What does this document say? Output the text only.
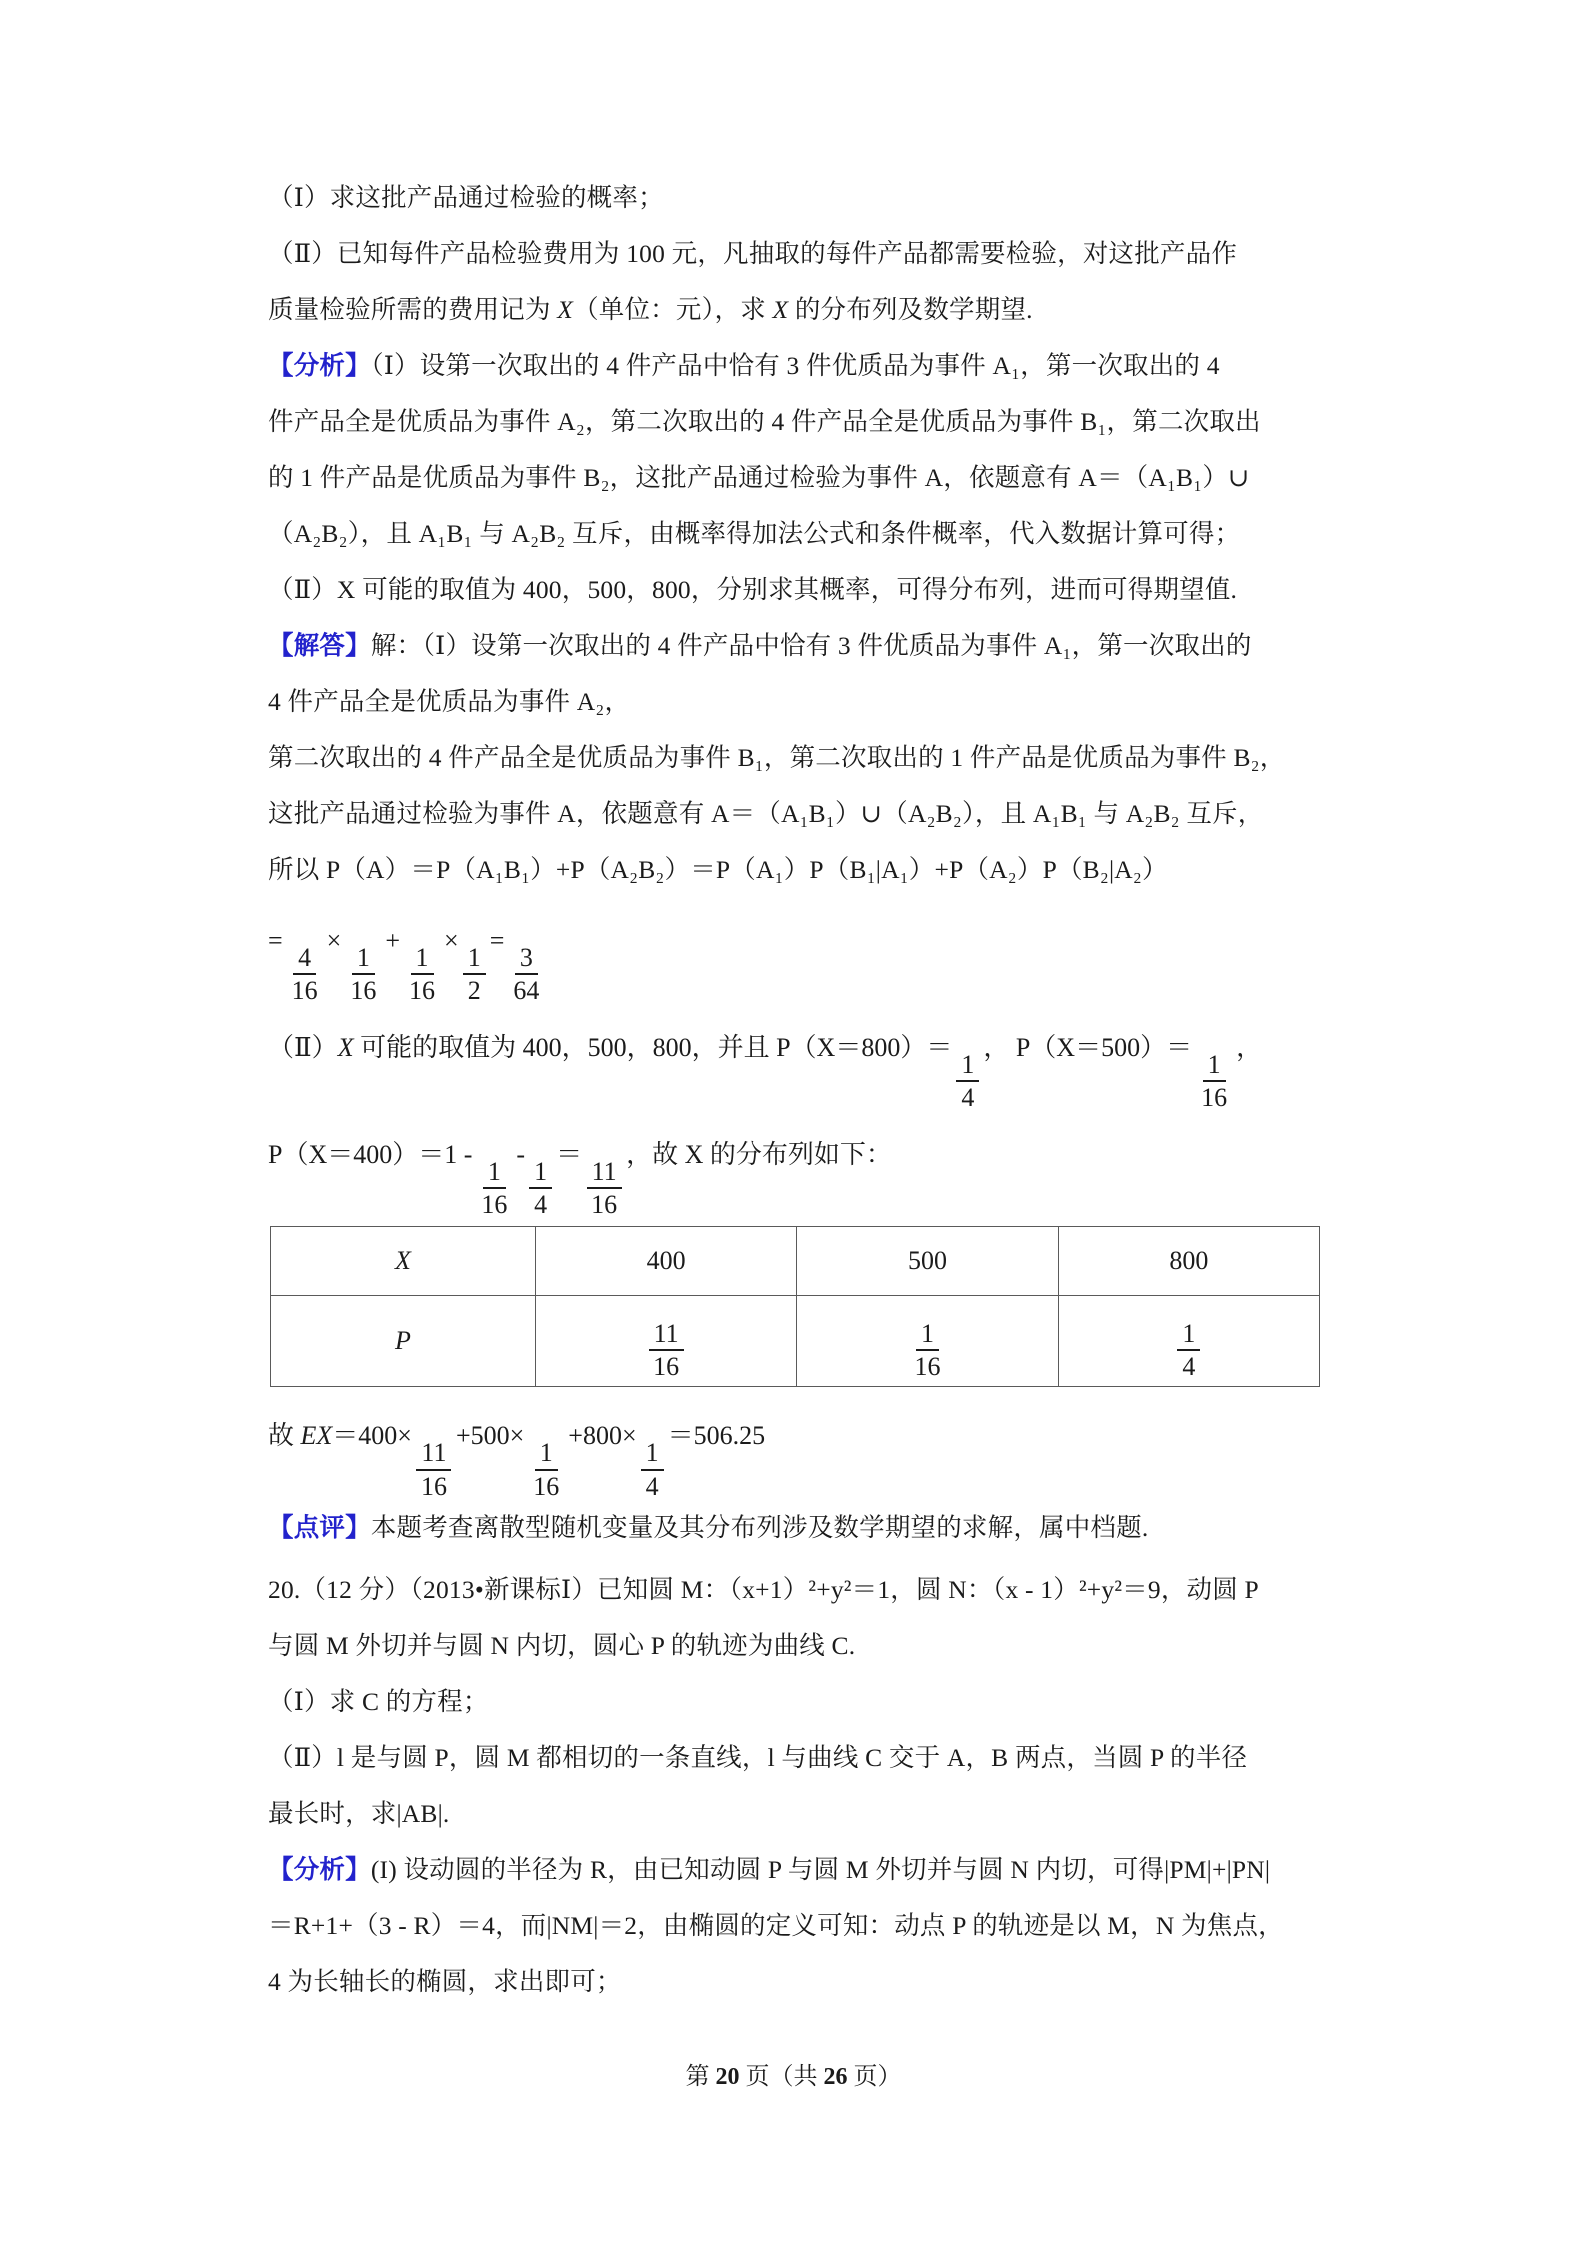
（Ⅰ）求这批产品通过检验的概率；
（Ⅱ）已知每件产品检验费用为 100 元，凡抽取的每件产品都需要检验，对这批产品作
质量检验所需的费用记为 X（单位：元），求 X 的分布列及数学期望.
【分析】（Ⅰ）设第一次取出的 4 件产品中恰有 3 件优质品为事件 A₁，第一次取出的 4
件产品全是优质品为事件 A₂，第二次取出的 4 件产品全是优质品为事件 B₁，第二次取出
的 1 件产品是优质品为事件 B₂，这批产品通过检验为事件 A，依题意有 A＝（A₁B₁）∪
（A₂B₂），且 A₁B₁ 与 A₂B₂ 互斥，由概率得加法公式和条件概率，代入数据计算可得；
（Ⅱ）X 可能的取值为 400，500，800，分别求其概率，可得分布列，进而可得期望值.
【解答】解：（Ⅰ）设第一次取出的 4 件产品中恰有 3 件优质品为事件 A₁，第一次取出的
4 件产品全是优质品为事件 A₂，
第二次取出的 4 件产品全是优质品为事件 B₁，第二次取出的 1 件产品是优质品为事件 B₂，
这批产品通过检验为事件 A，依题意有 A＝（A₁B₁）∪（A₂B₂），且 A₁B₁ 与 A₂B₂ 互斥，
所以 P（A）＝P（A₁B₁）+P（A₂B₂）＝P（A₁）P（B₁|A₁）+P（A₂）P（B₂|A₂）
=
$\frac{4}{16}$
×
$\frac{1}{16}$
+
$\frac{1}{16}$
×
$\frac{1}{2}$
=
$\frac{3}{64}$
（Ⅱ）X 可能的取值为 400，500，800，并且 P（X＝800）＝
$\frac{1}{4}$
， P（X＝500）＝
$\frac{1}{16}$
，
P（X＝400）＝1 -
$\frac{1}{16}$
-
$\frac{1}{4}$
＝
$\frac{11}{16}$
，故 X 的分布列如下：
X	400	500	800
P	$\frac{11}{16}$	$\frac{1}{16}$	$\frac{1}{4}$
故 EX＝400×
$\frac{11}{16}$
+500×
$\frac{1}{16}$
+800×
$\frac{1}{4}$
＝506.25
【点评】本题考查离散型随机变量及其分布列涉及数学期望的求解，属中档题.
20.（12 分）（2013•新课标Ⅰ）已知圆 M：（x+1）²+y²＝1，圆 N：（x - 1）²+y²＝9，动圆 P
与圆 M 外切并与圆 N 内切，圆心 P 的轨迹为曲线 C.
（Ⅰ）求 C 的方程；
（Ⅱ）l 是与圆 P，圆 M 都相切的一条直线，l 与曲线 C 交于 A，B 两点，当圆 P 的半径
最长时，求|AB|.
【分析】(I) 设动圆的半径为 R，由已知动圆 P 与圆 M 外切并与圆 N 内切，可得|PM|+|PN|
＝R+1+（3 - R）＝4，而|NM|＝2，由椭圆的定义可知：动点 P 的轨迹是以 M，N 为焦点，
4 为长轴长的椭圆，求出即可；
第 20 页（共 26 页）
